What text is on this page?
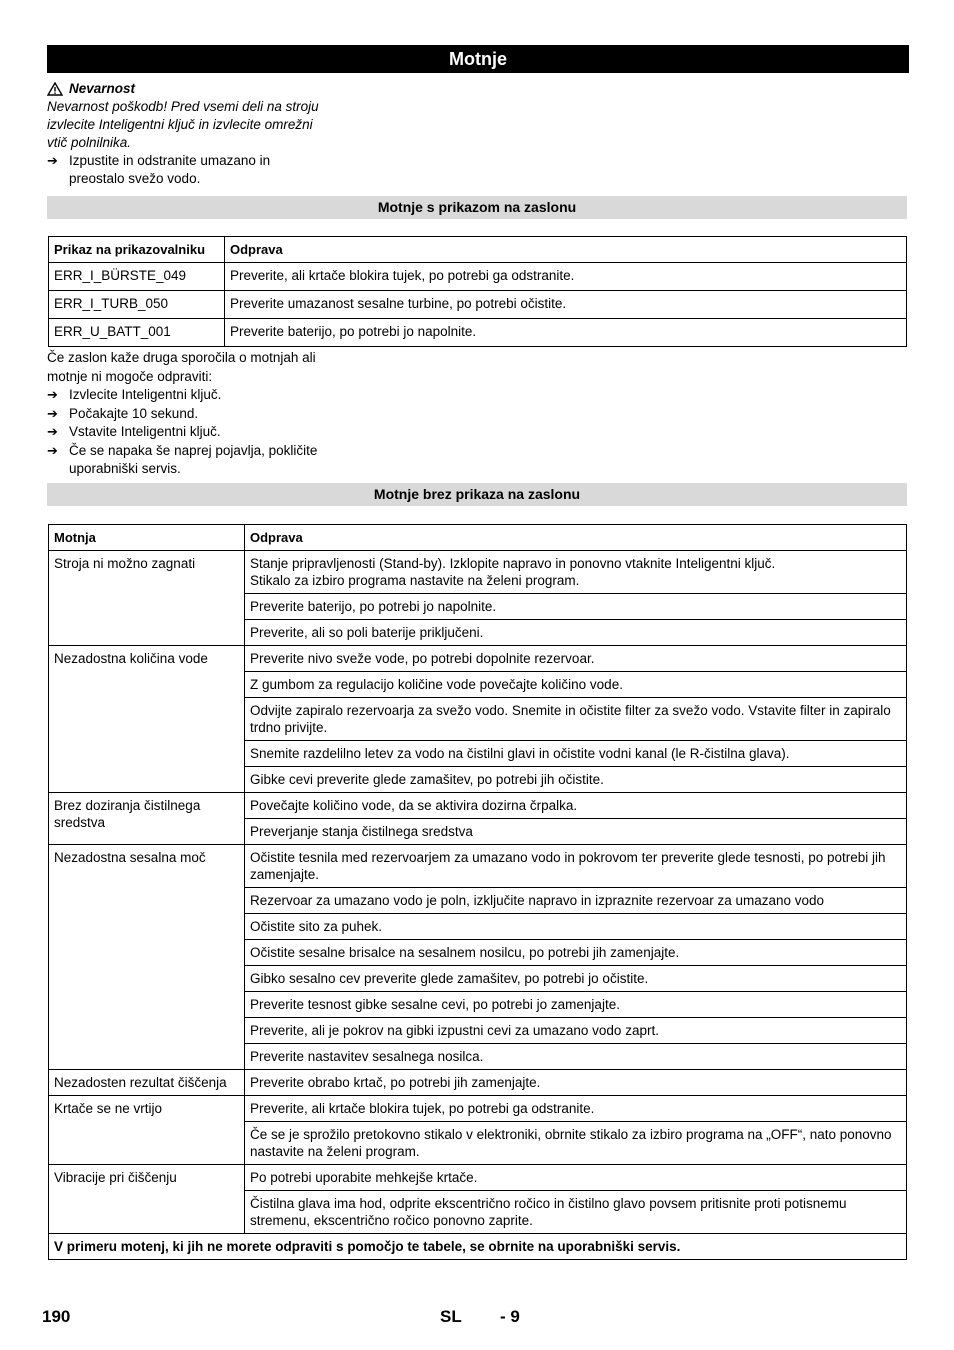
Motnje
Nevarnost
Nevarnost poškodb! Pred vsemi deli na stroju izvlecite Inteligentni ključ in izvlecite omrežni vtič polnilnika.
➔ Izpustite in odstranite umazano in preostalo svežo vodo.
Motnje s prikazom na zaslonu
Prikaz na prikazovalniku	Odprava
ERR_I_BÜRSTE_049	Preverite, ali krtače blokira tujek, po potrebi ga odstranite.
ERR_I_TURB_050	Preverite umazanost sesalne turbine, po potrebi očistite.
ERR_U_BATT_001	Preverite baterijo, po potrebi jo napolnite.
Če zaslon kaže druga sporočila o motnjah ali motnje ni mogoče odpraviti:
➔ Izvlecite Inteligentni ključ.
➔ Počakajte 10 sekund.
➔ Vstavite Inteligentni ključ.
➔ Če se napaka še naprej pojavlja, pokličite uporabniški servis.
Motnje brez prikaza na zaslonu
Motnja	Odprava
Stroja ni možno zagnati	Stanje pripravljenosti (Stand-by). Izklopite napravo in ponovno vtaknite Inteligentni ključ.
Stikalo za izbiro programa nastavite na želeni program.
	Preverite baterijo, po potrebi jo napolnite.
	Preverite, ali so poli baterije priključeni.
Nezadostna količina vode	Preverite nivo sveže vode, po potrebi dopolnite rezervoar.
	Z gumbom za regulacijo količine vode povečajte količino vode.
	Odvijte zapiralo rezervoarja za svežo vodo. Snemite in očistite filter za svežo vodo. Vstavite filter in zapiralo trdno privijte.
	Snemite razdelilno letev za vodo na čistilni glavi in očistite vodni kanal (le R-čistilna glava).
	Gibke cevi preverite glede zamašitev, po potrebi jih očistite.
Brez doziranja čistilnega sredstva	Povečajte količino vode, da se aktivira dozirna črpalka.
	Preverjanje stanja čistilnega sredstva
Nezadostna sesalna moč	Očistite tesnila med rezervoarjem za umazano vodo in pokrovom ter preverite glede tesnosti, po potrebi jih zamenjajte.
	Rezervoar za umazano vodo je poln, izključite napravo in izpraznite rezervoar za umazano vodo
	Očistite sito za puhek.
	Očistite sesalne brisalce na sesalnem nosilcu, po potrebi jih zamenjajte.
	Gibko sesalno cev preverite glede zamašitev, po potrebi jo očistite.
	Preverite tesnost gibke sesalne cevi, po potrebi jo zamenjajte.
	Preverite, ali je pokrov na gibki izpustni cevi za umazano vodo zaprt.
	Preverite nastavitev sesalnega nosilca.
Nezadosten rezultat čiščenja	Preverite obrabo krtač, po potrebi jih zamenjajte.
Krtače se ne vrtijo	Preverite, ali krtače blokira tujek, po potrebi ga odstranite.
	Če se je sprožilo pretokovno stikalo v elektroniki, obrnite stikalo za izbiro programa na „OFF“, nato ponovno nastavite na želeni program.
Vibracije pri čiščenju	Po potrebi uporabite mehkejše krtače.
	Čistilna glava ima hod, odprite ekscentrično ročico in čistilno glavo povsem pritisnite proti potisnemu stremenu, ekscentrično ročico ponovno zaprite.
V primeru motenj, ki jih ne morete odpraviti s pomočjo te tabele, se obrnite na uporabniški servis.	
190	SL - 9
